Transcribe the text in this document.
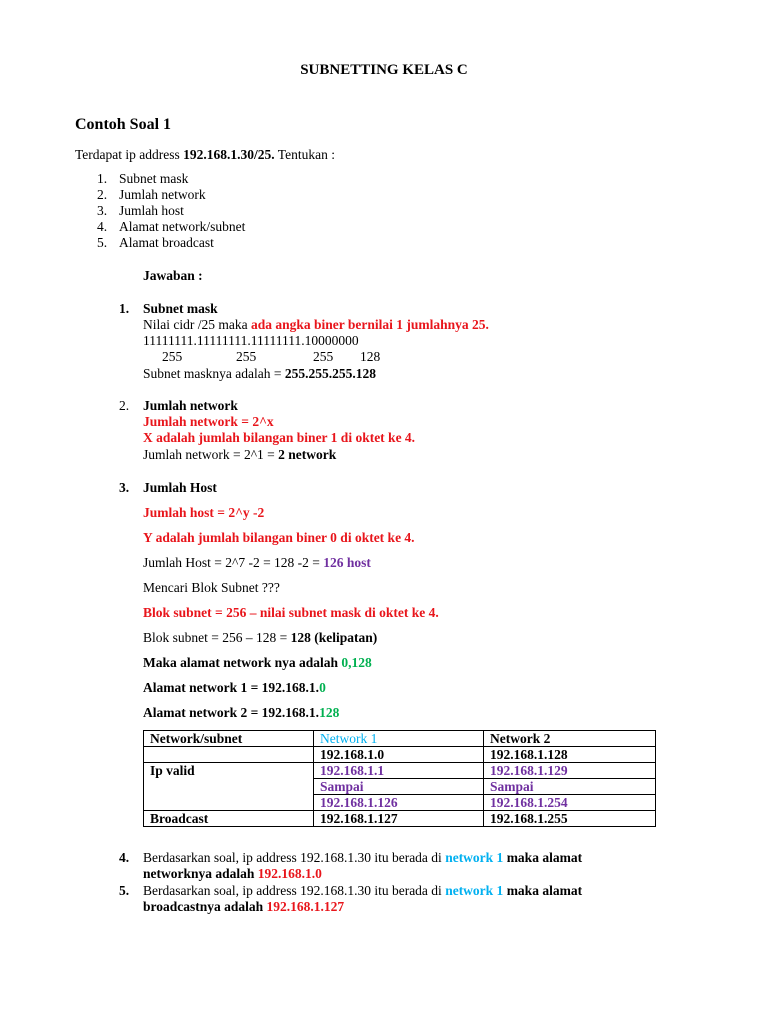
SUBNETTING KELAS C
Contoh Soal 1
Terdapat ip address 192.168.1.30/25. Tentukan :
1. Subnet mask
2. Jumlah network
3. Jumlah host
4. Alamat network/subnet
5. Alamat broadcast
Jawaban :
1. Subnet mask
Nilai cidr /25 maka ada angka biner bernilai 1 jumlahnya 25.
11111111.11111111.11111111.10000000
255	255	255 128
Subnet masknya adalah = 255.255.255.128
2. Jumlah network
Jumlah network = 2^x
X adalah jumlah bilangan biner 1 di oktet ke 4.
Jumlah network = 2^1 = 2 network
3. Jumlah Host
Jumlah host = 2^y -2
Y adalah jumlah bilangan biner 0 di oktet ke 4.
Jumlah Host = 2^7 -2 = 128 -2 = 126 host
Mencari Blok Subnet ???
Blok subnet = 256 – nilai subnet mask di oktet ke 4.
Blok subnet = 256 – 128 = 128 (kelipatan)
Maka alamat network nya adalah 0,128
Alamat network 1 = 192.168.1.0
Alamat network 2 = 192.168.1.128
Network/subnet	Network 1	Network 2
	192.168.1.0	192.168.1.128
Ip valid	192.168.1.1	192.168.1.129
	Sampai	Sampai
	192.168.1.126	192.168.1.254
Broadcast	192.168.1.127	192.168.1.255
4. Berdasarkan soal, ip address 192.168.1.30 itu berada di network 1 maka alamat
networknya adalah 192.168.1.0
5. Berdasarkan soal, ip address 192.168.1.30 itu berada di network 1 maka alamat
broadcastnya adalah 192.168.1.127
